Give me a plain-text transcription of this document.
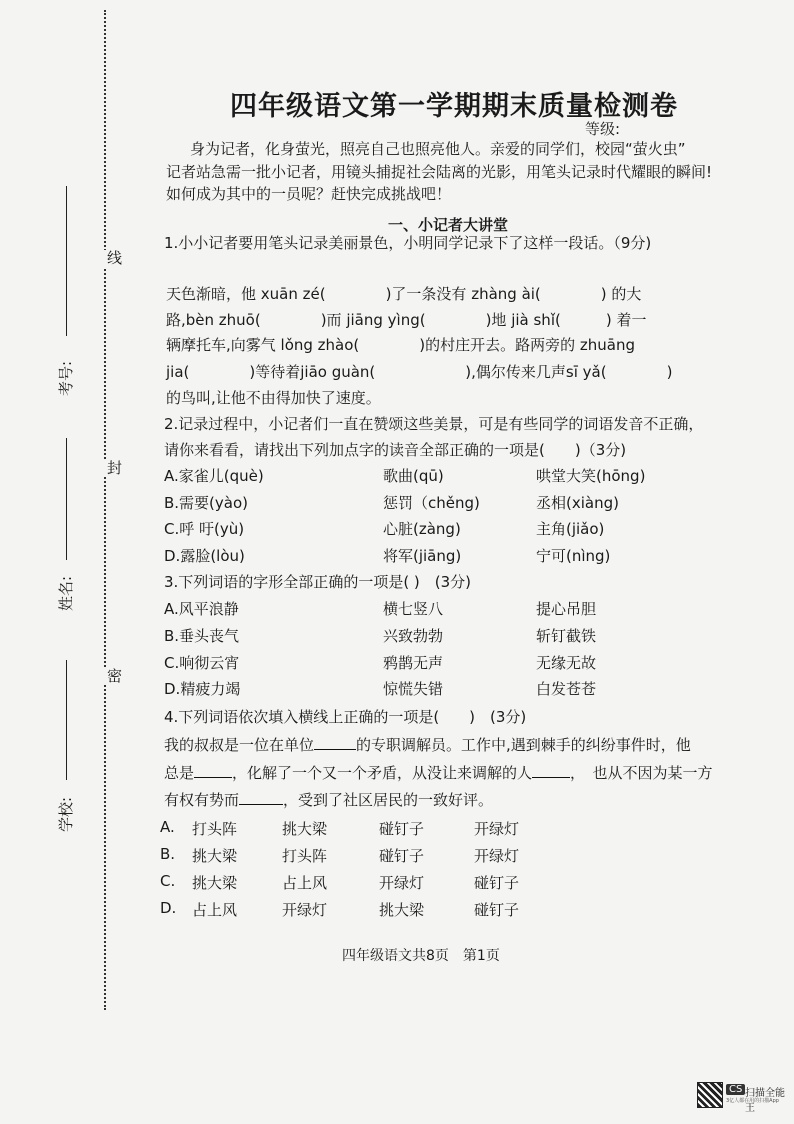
线
封
密
考号:
姓名:
学校:
四年级语文第一学期期末质量检测卷
等级:
身为记者，化身萤光，照亮自己也照亮他人。亲爱的同学们，校园“萤火虫”
记者站急需一批小记者，用镜头捕捉社会陆离的光影，用笔头记录时代耀眼的瞬间!
如何成为其中的一员呢？赶快完成挑战吧！
一、小记者大讲堂
1.小小记者要用笔头记录美丽景色，小明同学记录下了这样一段话。（9分)
天色渐暗，他 xuān zé(　　　　)了一条没有 zhàng ài(　　　　) 的大
路,bèn zhuō(　　　　)而 jiāng yìng(　　　　)地 jià shǐ(　　　) 着一
辆摩托车,向雾气 lǒng zhào(　　　　)的村庄开去。路两旁的 zhuāng
jia(　　　　)等待着jiāo guàn(　　　　　　),偶尔传来几声sī yǎ(　　　　)
的鸟叫,让他不由得加快了速度。
2.记录过程中，小记者们一直在赞颂这些美景，可是有些同学的词语发音不正确，
请你来看看，请找出下列加点字的读音全部正确的一项是(　　)（3分)
A.家雀儿(què)	歌曲(qū)	哄堂大笑(hōng)
B.需要(yào)	惩罚（chěng)	丞相(xiàng)
C.呼 吁(yù)	心脏(zàng)	主角(jiǎo)
D.露脸(lòu)	将军(jiāng)	宁可(nìng)
3.下列词语的字形全部正确的一项是( )　(3分)
A.风平浪静	横七竖八	提心吊胆
B.垂头丧气	兴致勃勃	斩钉截铁
C.响彻云宵	鸦鹊无声	无缘无故
D.精疲力竭	惊慌失错	白发苍苍
4.下列词语依次填入横线上正确的一项是(　　)　(3分)
我的叔叔是一位在单位	的专职调解员。工作中,遇到棘手的纠纷事件时，他
总是	，化解了一个又一个矛盾，从没让来调解的人	，　也从不因为某一方
有权有势而	，受到了社区居民的一致好评。
A. 打头阵	挑大梁	碰钉子	开绿灯
B. 挑大梁	打头阵	碰钉子	开绿灯
C. 挑大梁	占上风	开绿灯	碰钉子
D. 占上风	开绿灯	挑大梁	碰钉子
四年级语文共8页　第1页
CS 扫描全能王
3亿人都在用的扫描App
